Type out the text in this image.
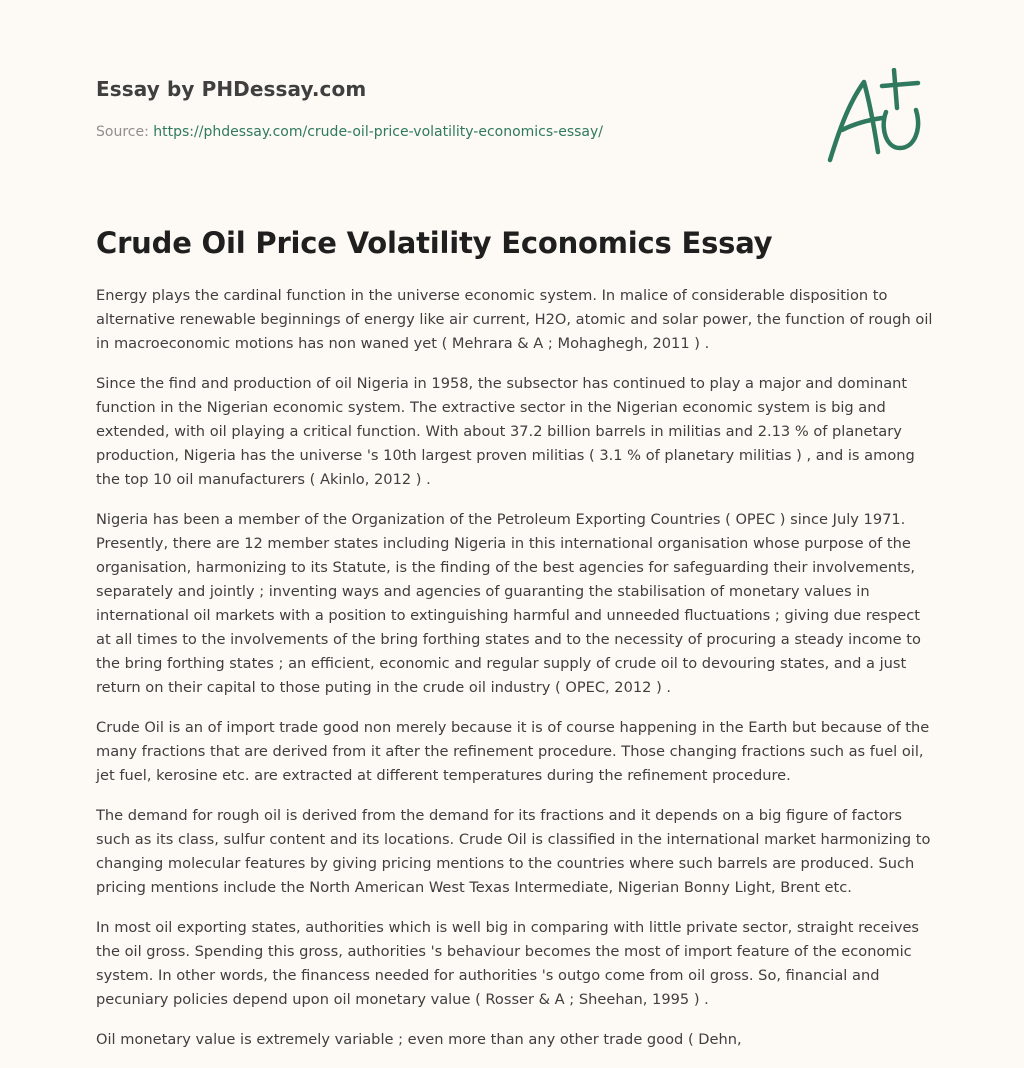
Essay by PHDessay.com
Source: https://phdessay.com/crude-oil-price-volatility-economics-essay/
Crude Oil Price Volatility Economics Essay

Energy plays the cardinal function in the universe economic system. In malice of considerable disposition to alternative renewable beginnings of energy like air current, H2O, atomic and solar power, the function of rough oil in macroeconomic motions has non waned yet ( Mehrara & A ; Mohaghegh, 2011 ) .

Since the find and production of oil Nigeria in 1958, the subsector has continued to play a major and dominant function in the Nigerian economic system. The extractive sector in the Nigerian economic system is big and extended, with oil playing a critical function. With about 37.2 billion barrels in militias and 2.13 % of planetary production, Nigeria has the universe 's 10th largest proven militias ( 3.1 % of planetary militias ) , and is among the top 10 oil manufacturers ( Akinlo, 2012 ) .

Nigeria has been a member of the Organization of the Petroleum Exporting Countries ( OPEC ) since July 1971. Presently, there are 12 member states including Nigeria in this international organisation whose purpose of the organisation, harmonizing to its Statute, is the finding of the best agencies for safeguarding their involvements, separately and jointly ; inventing ways and agencies of guaranting the stabilisation of monetary values in international oil markets with a position to extinguishing harmful and unneeded fluctuations ; giving due respect at all times to the involvements of the bring forthing states and to the necessity of procuring a steady income to the bring forthing states ; an efficient, economic and regular supply of crude oil to devouring states, and a just return on their capital to those puting in the crude oil industry ( OPEC, 2012 ) .

Crude Oil is an of import trade good non merely because it is of course happening in the Earth but because of the many fractions that are derived from it after the refinement procedure. Those changing fractions such as fuel oil, jet fuel, kerosine etc. are extracted at different temperatures during the refinement procedure.

The demand for rough oil is derived from the demand for its fractions and it depends on a big figure of factors such as its class, sulfur content and its locations. Crude Oil is classified in the international market harmonizing to changing molecular features by giving pricing mentions to the countries where such barrels are produced. Such pricing mentions include the North American West Texas Intermediate, Nigerian Bonny Light, Brent etc.

In most oil exporting states, authorities which is well big in comparing with little private sector, straight receives the oil gross. Spending this gross, authorities 's behaviour becomes the most of import feature of the economic system. In other words, the financess needed for authorities 's outgo come from oil gross. So, financial and pecuniary policies depend upon oil monetary value ( Rosser & A ; Sheehan, 1995 ) .

Oil monetary value is extremely variable ; even more than any other trade good ( Dehn,
